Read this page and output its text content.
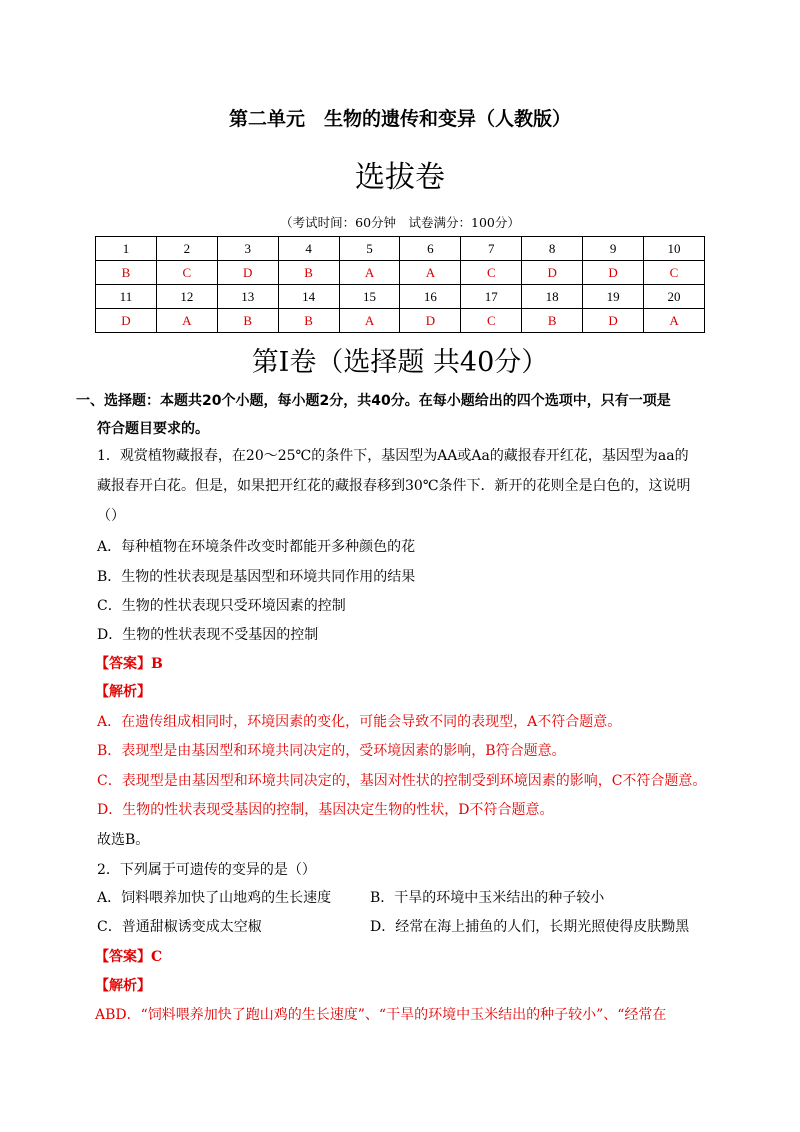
第二单元　生物的遗传和变异（人教版）
选拔卷
（考试时间：60分钟　试卷满分：100分）
1	2	3	4	5	6	7	8	9	10
B	C	D	B	A	A	C	D	D	C
11	12	13	14	15	16	17	18	19	20
D	A	B	B	A	D	C	B	D	A
第Ⅰ卷（选择题 共40分）
一、选择题：本题共20个小题，每小题2分，共40分。在每小题给出的四个选项中，只有一项是
符合题目要求的。
1．观赏植物藏报春，在20～25℃的条件下，基因型为AA或Aa的藏报春开红花，基因型为aa的
藏报春开白花。但是，如果把开红花的藏报春移到30℃条件下．新开的花则全是白色的，这说明
（）
A．每种植物在环境条件改变时都能开多种颜色的花
B．生物的性状表现是基因型和环境共同作用的结果
C．生物的性状表现只受环境因素的控制
D．生物的性状表现不受基因的控制
【答案】B
【解析】
A．在遗传组成相同时，环境因素的变化，可能会导致不同的表现型，A不符合题意。
B．表现型是由基因型和环境共同决定的，受环境因素的影响，B符合题意。
C．表现型是由基因型和环境共同决定的，基因对性状的控制受到环境因素的影响，C不符合题意。
D．生物的性状表现受基因的控制，基因决定生物的性状，D不符合题意。
故选B。
2．下列属于可遗传的变异的是（）
A．饲料喂养加快了山地鸡的生长速度	B．干旱的环境中玉米结出的种子较小
C．普通甜椒诱变成太空椒	D．经常在海上捕鱼的人们，长期光照使得皮肤黝黑
【答案】C
【解析】
ABD．“饲料喂养加快了跑山鸡的生长速度”、“干旱的环境中玉米结出的种子较小”、“经常在
